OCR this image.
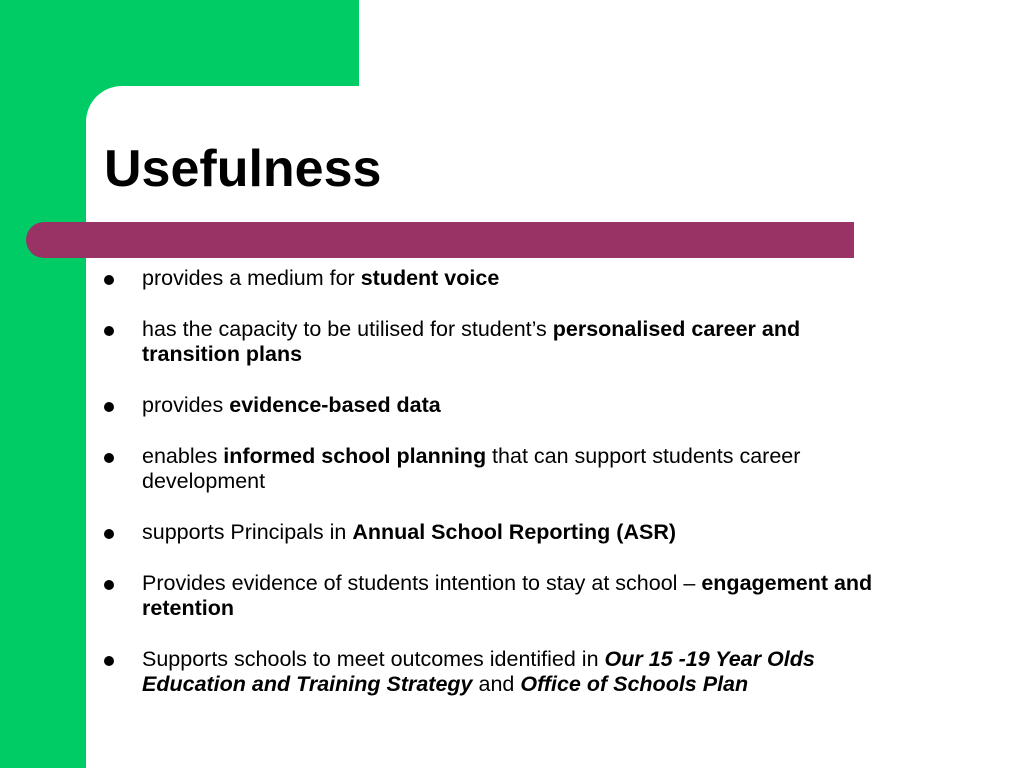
Usefulness
provides a medium for student voice
has the capacity to be utilised for student’s personalised career and transition plans
provides evidence-based data
enables informed school planning that can support students career development
supports Principals in Annual School Reporting (ASR)
Provides evidence of students intention to stay at school – engagement and retention
Supports schools to meet outcomes identified in Our 15 -19 Year Olds Education and Training Strategy and Office of Schools Plan
